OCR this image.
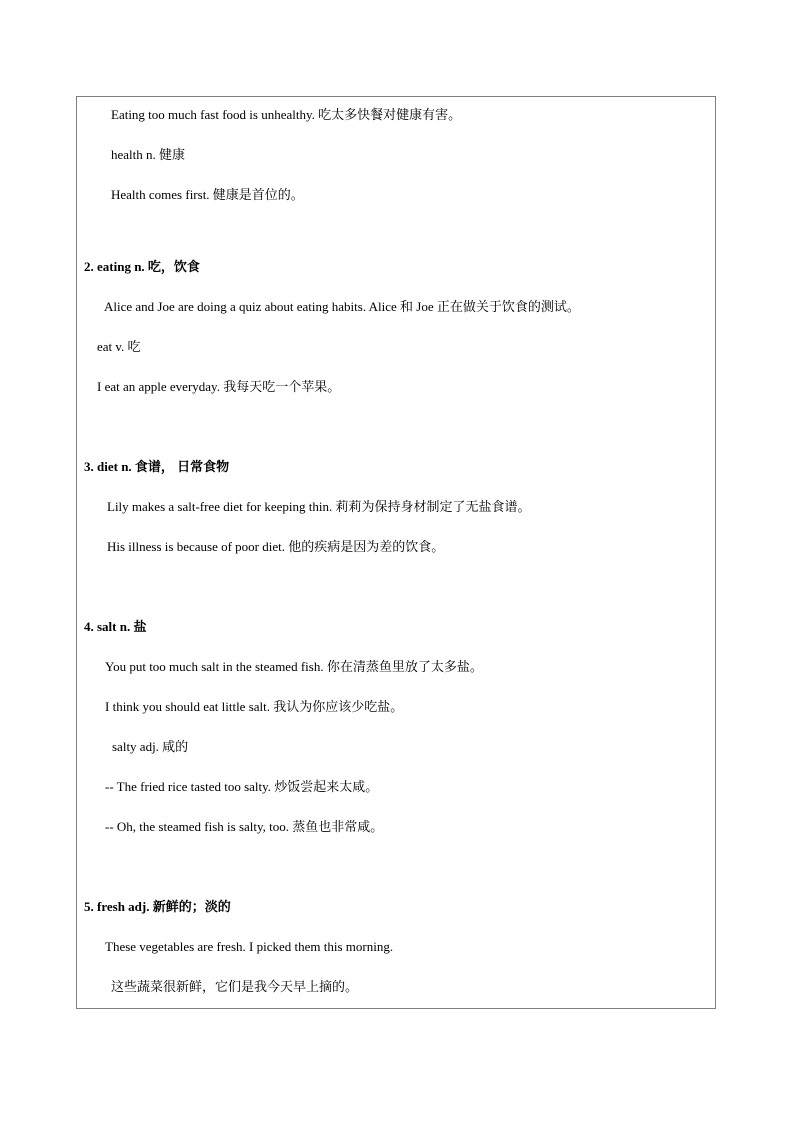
Eating too much fast food is unhealthy. 吃太多快餐对健康有害。
health n. 健康
Health comes first. 健康是首位的。
2. eating n. 吃，饮食
Alice and Joe are doing a quiz about eating habits. Alice 和 Joe 正在做关于饮食的测试。
eat v. 吃
I eat an apple everyday. 我每天吃一个苹果。
3. diet n. 食谱， 日常食物
Lily makes a salt-free diet for keeping thin. 莉莉为保持身材制定了无盐食谱。
His illness is because of poor diet. 他的疾病是因为差的饮食。
4. salt n. 盐
You put too much salt in the steamed fish. 你在清蒸鱼里放了太多盐。
I think you should eat little salt. 我认为你应该少吃盐。
salty adj. 咸的
-- The fried rice tasted too salty. 炒饭尝起来太咸。
-- Oh, the steamed fish is salty, too. 蒸鱼也非常咸。
5. fresh adj. 新鲜的；淡的
These vegetables are fresh. I picked them this morning.
这些蔬菜很新鲜，它们是我今天早上摘的。
